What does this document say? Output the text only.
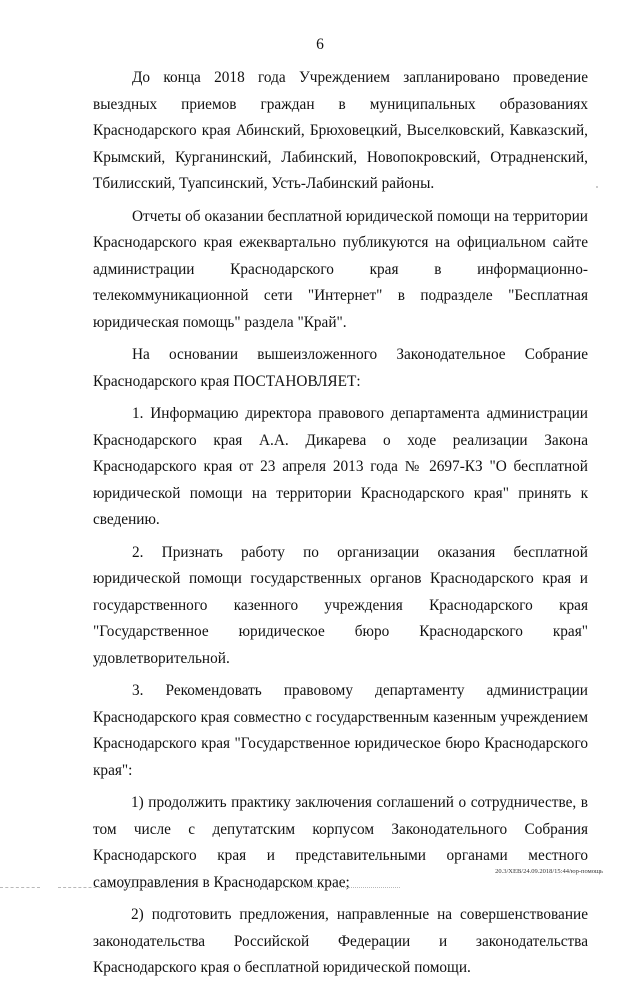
6

До конца 2018 года Учреждением запланировано проведение выездных приемов граждан в муниципальных образованиях Краснодарского края Абинский, Брюховецкий, Выселковский, Кавказский, Крымский, Курганинский, Лабинский, Новопокровский, Отрадненский, Тбилисский, Туапсинский, Усть-Лабинский районы.

Отчеты об оказании бесплатной юридической помощи на территории Краснодарского края ежеквартально публикуются на официальном сайте администрации Краснодарского края в информационно-телекоммуникационной сети "Интернет" в подразделе "Бесплатная юридическая помощь" раздела "Край".

На основании вышеизложенного Законодательное Собрание Краснодарского края ПОСТАНОВЛЯЕТ:

1. Информацию директора правового департамента администрации Краснодарского края А.А. Дикарева о ходе реализации Закона Краснодарского края от 23 апреля 2013 года № 2697-КЗ "О бесплатной юридической помощи на территории Краснодарского края" принять к сведению.

2. Признать работу по организации оказания бесплатной юридической помощи государственных органов Краснодарского края и государственного казенного учреждения Краснодарского края "Государственное юридическое бюро Краснодарского края" удовлетворительной.

3. Рекомендовать правовому департаменту администрации Краснодарского края совместно с государственным казенным учреждением Краснодарского края "Государственное юридическое бюро Краснодарского края":

1) продолжить практику заключения соглашений о сотрудничестве, в том числе с депутатским корпусом Законодательного Собрания Краснодарского края и представительными органами местного самоуправления в Краснодарском крае;

2) подготовить предложения, направленные на совершенствование законодательства Российской Федерации и законодательства Краснодарского края о бесплатной юридической помощи.

20.3/XEB/24.09.2018/15:44/юр-помощь
